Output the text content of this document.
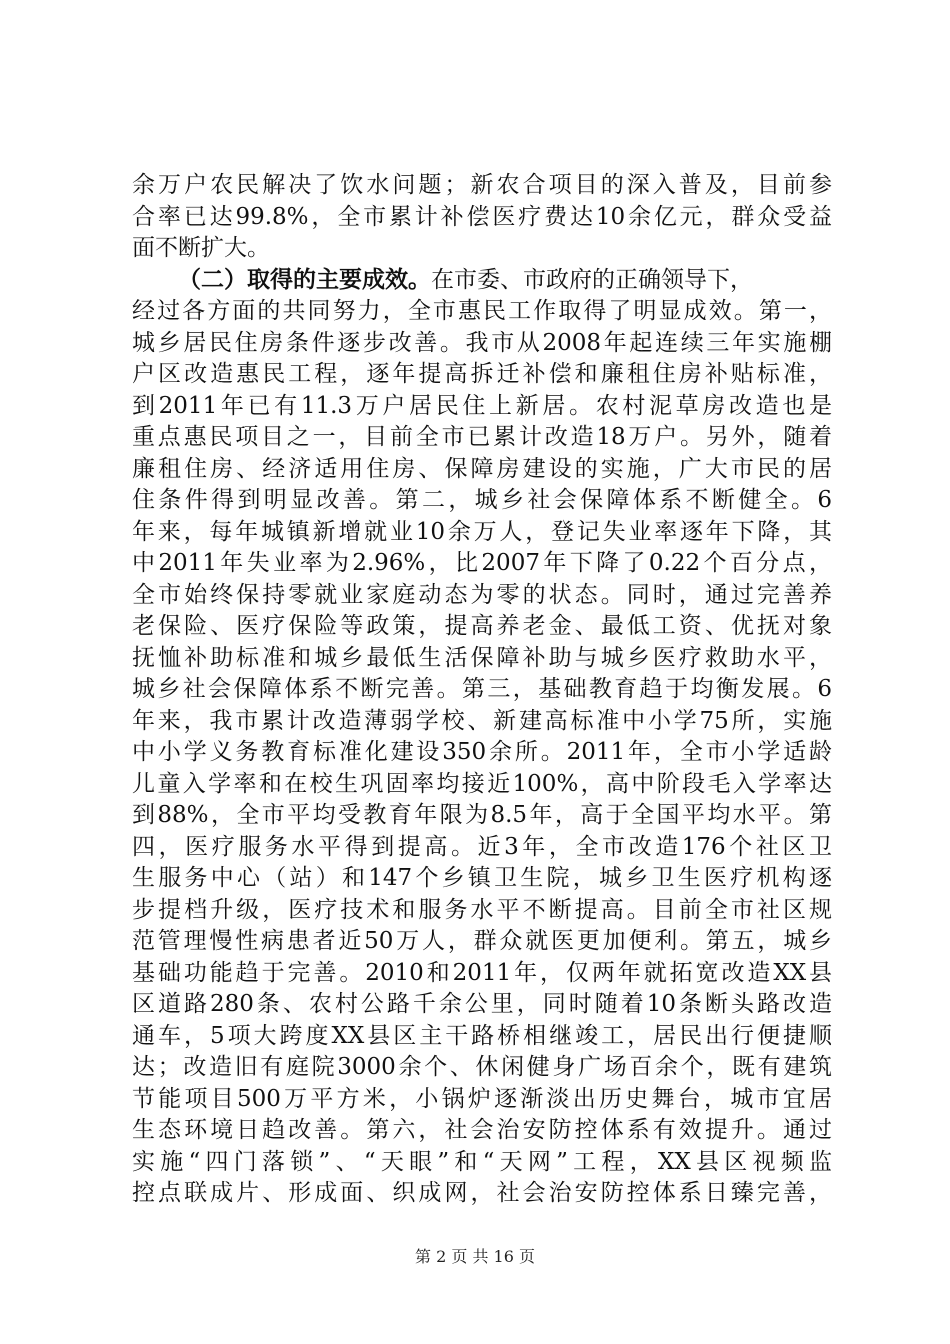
余万户农民解决了饮水问题；新农合项目的深入普及，目前参
合率已达99.8%，全市累计补偿医疗费达10余亿元，群众受益
面不断扩大。
（二）取得的主要成效。在市委、市政府的正确领导下，
经过各方面的共同努力，全市惠民工作取得了明显成效。第一，
城乡居民住房条件逐步改善。我市从2008年起连续三年实施棚
户区改造惠民工程，逐年提高拆迁补偿和廉租住房补贴标准，
到2011年已有11.3万户居民住上新居。农村泥草房改造也是
重点惠民项目之一，目前全市已累计改造18万户。另外，随着
廉租住房、经济适用住房、保障房建设的实施，广大市民的居
住条件得到明显改善。第二，城乡社会保障体系不断健全。6
年来，每年城镇新增就业10余万人，登记失业率逐年下降，其
中2011年失业率为2.96%，比2007年下降了0.22个百分点，
全市始终保持零就业家庭动态为零的状态。同时，通过完善养
老保险、医疗保险等政策，提高养老金、最低工资、优抚对象
抚恤补助标准和城乡最低生活保障补助与城乡医疗救助水平，
城乡社会保障体系不断完善。第三，基础教育趋于均衡发展。6
年来，我市累计改造薄弱学校、新建高标准中小学75所，实施
中小学义务教育标准化建设350余所。2011年，全市小学适龄
儿童入学率和在校生巩固率均接近100%，高中阶段毛入学率达
到88%，全市平均受教育年限为8.5年，高于全国平均水平。第
四，医疗服务水平得到提高。近3年，全市改造176个社区卫
生服务中心（站）和147个乡镇卫生院，城乡卫生医疗机构逐
步提档升级，医疗技术和服务水平不断提高。目前全市社区规
范管理慢性病患者近50万人，群众就医更加便利。第五，城乡
基础功能趋于完善。2010和2011年，仅两年就拓宽改造XX县
区道路280条、农村公路千余公里，同时随着10条断头路改造
通车，5项大跨度XX县区主干路桥相继竣工，居民出行便捷顺
达；改造旧有庭院3000余个、休闲健身广场百余个，既有建筑
节能项目500万平方米，小锅炉逐渐淡出历史舞台，城市宜居
生态环境日趋改善。第六，社会治安防控体系有效提升。通过
实施“四门落锁”、“天眼”和“天网”工程，XX县区视频监
控点联成片、形成面、织成网，社会治安防控体系日臻完善，
第 2 页 共 16 页
